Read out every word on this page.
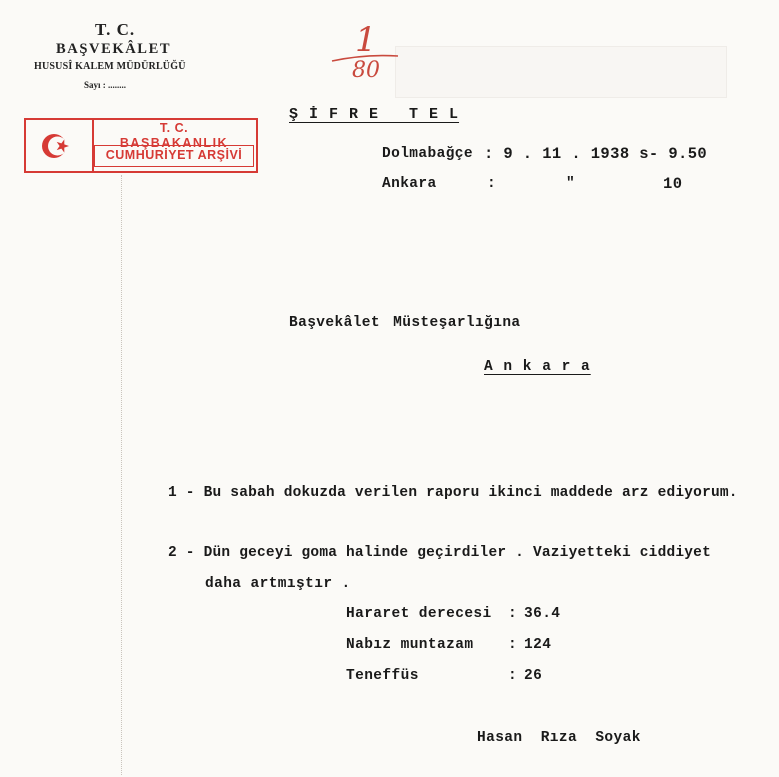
T. C.
BAŞVEKÂLET
HUSUSÎ KALEM MÜDÜRLÜĞÜ
Sayı : ........
1
80
T. C.
BAŞBAKANLIK
CUMHURİYET ARŞİVİ
Ş İ F R E   T E L
Dolmabağçe : 9 . 11 . 1938 s- 9.50
Ankara	:	"	10
Başvekâlet Müsteşarlığına
A n k a r a
1 - Bu sabah dokuzda verilen raporu ikinci maddede arz ediyorum.
2 - Dün geceyi goma halinde geçirdiler . Vaziyetteki ciddiyet
daha artmıştır .
Hararet derecesi : 36.4
Nabız muntazam : 124
Teneffüs	: 26
Hasan  Rıza  Soyak
